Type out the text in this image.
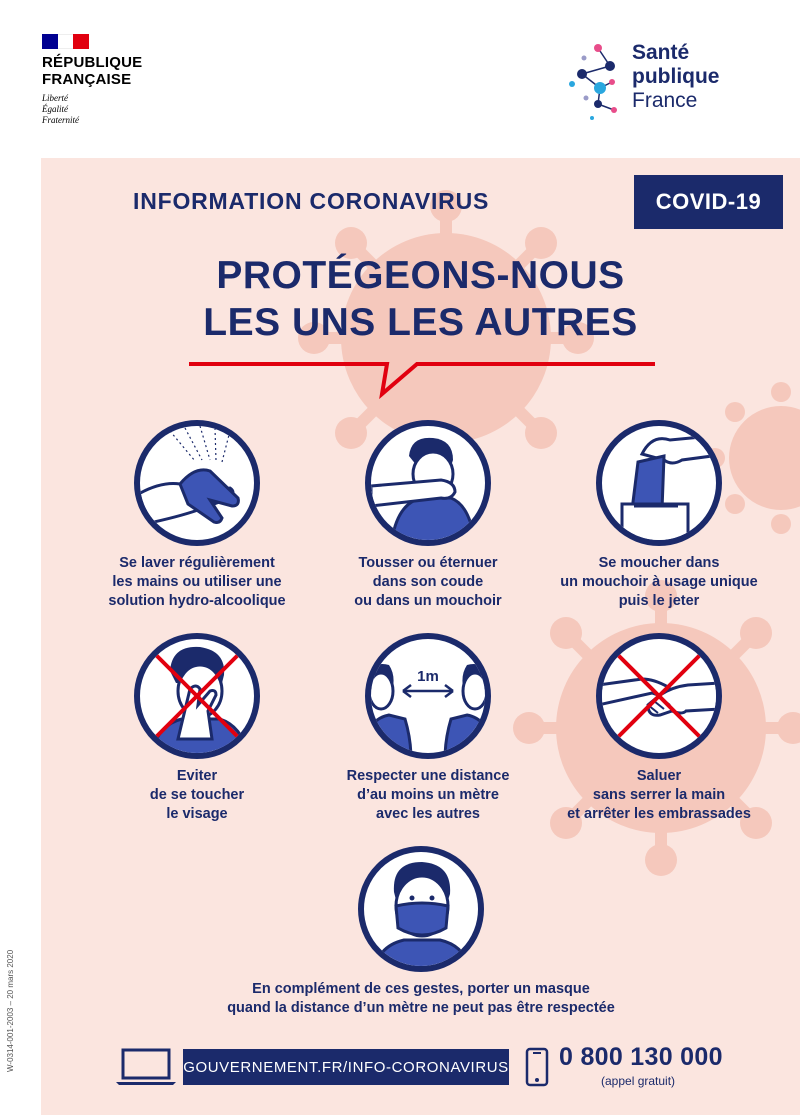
RÉPUBLIQUE
FRANÇAISE
Liberté
Égalité
Fraternité
Santé
publique
France
INFORMATION CORONAVIRUS	COVID-19
PROTÉGEONS-NOUS
LES UNS LES AUTRES
Se laver régulièrement
les mains ou utiliser une
solution hydro-alcoolique
Tousser ou éternuer
dans son coude
ou dans un mouchoir
Se moucher dans
un mouchoir à usage unique
puis le jeter
Eviter
de se toucher
le visage
1m
Respecter une distance
d’au moins un mètre
avec les autres
Saluer
sans serrer la main
et arrêter les embrassades
En complément de ces gestes, porter un masque
quand la distance d’un mètre ne peut pas être respectée
GOUVERNEMENT.FR/INFO-CORONAVIRUS 0 800 130 000
(appel gratuit)
W-0314-001-2003 – 20 mars 2020
